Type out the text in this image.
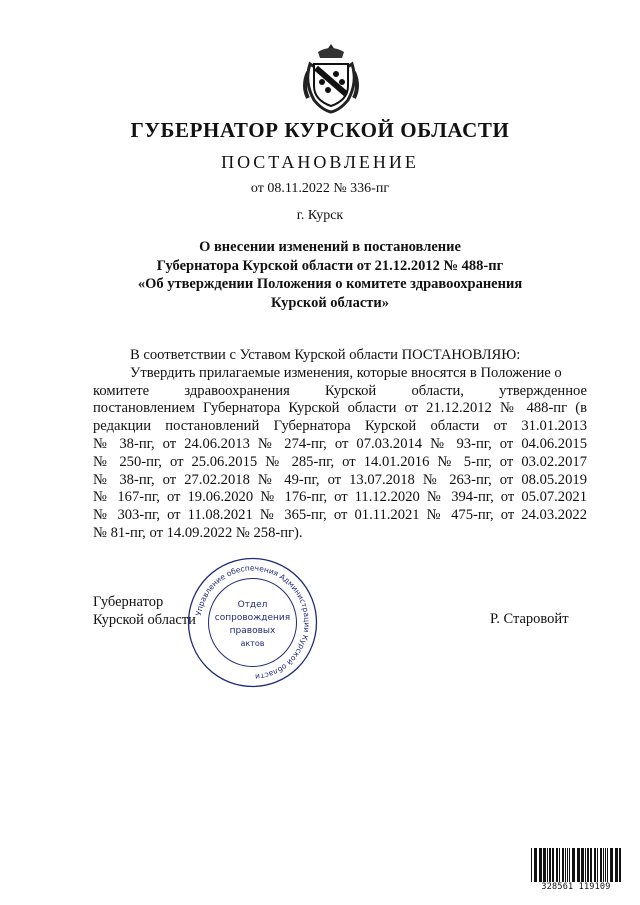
ГУБЕРНАТОР КУРСКОЙ ОБЛАСТИ
ПОСТАНОВЛЕНИЕ
от 08.11.2022 № 336-пг
г. Курск
О внесении изменений в постановление
Губернатора Курской области от 21.12.2012 № 488-пг
«Об утверждении Положения о комитете здравоохранения
Курской области»
В соответствии с Уставом Курской области ПОСТАНОВЛЯЮ:
Утвердить прилагаемые изменения, которые вносятся в Положение о
комитете здравоохранения Курской области, утвержденное
постановлением Губернатора Курской области от 21.12.2012 № 488-пг (в
редакции постановлений Губернатора Курской области от 31.01.2013
№ 38-пг, от 24.06.2013 № 274-пг, от 07.03.2014 № 93-пг, от 04.06.2015
№ 250-пг, от 25.06.2015 № 285-пг, от 14.01.2016 № 5-пг, от 03.02.2017
№ 38-пг, от 27.02.2018 № 49-пг, от 13.07.2018 № 263-пг, от 08.05.2019
№ 167-пг, от 19.06.2020 № 176-пг, от 11.12.2020 № 394-пг, от 05.07.2021
№ 303-пг, от 11.08.2021 № 365-пг, от 01.11.2021 № 475-пг, от 24.03.2022
№ 81-пг, от 14.09.2022 № 258-пг).
Губернатор
Курской области	Р. Старовойт
Управление обеспечения Администрации Курской области
Отдел
сопровождения
правовых
актов
328561 119109
